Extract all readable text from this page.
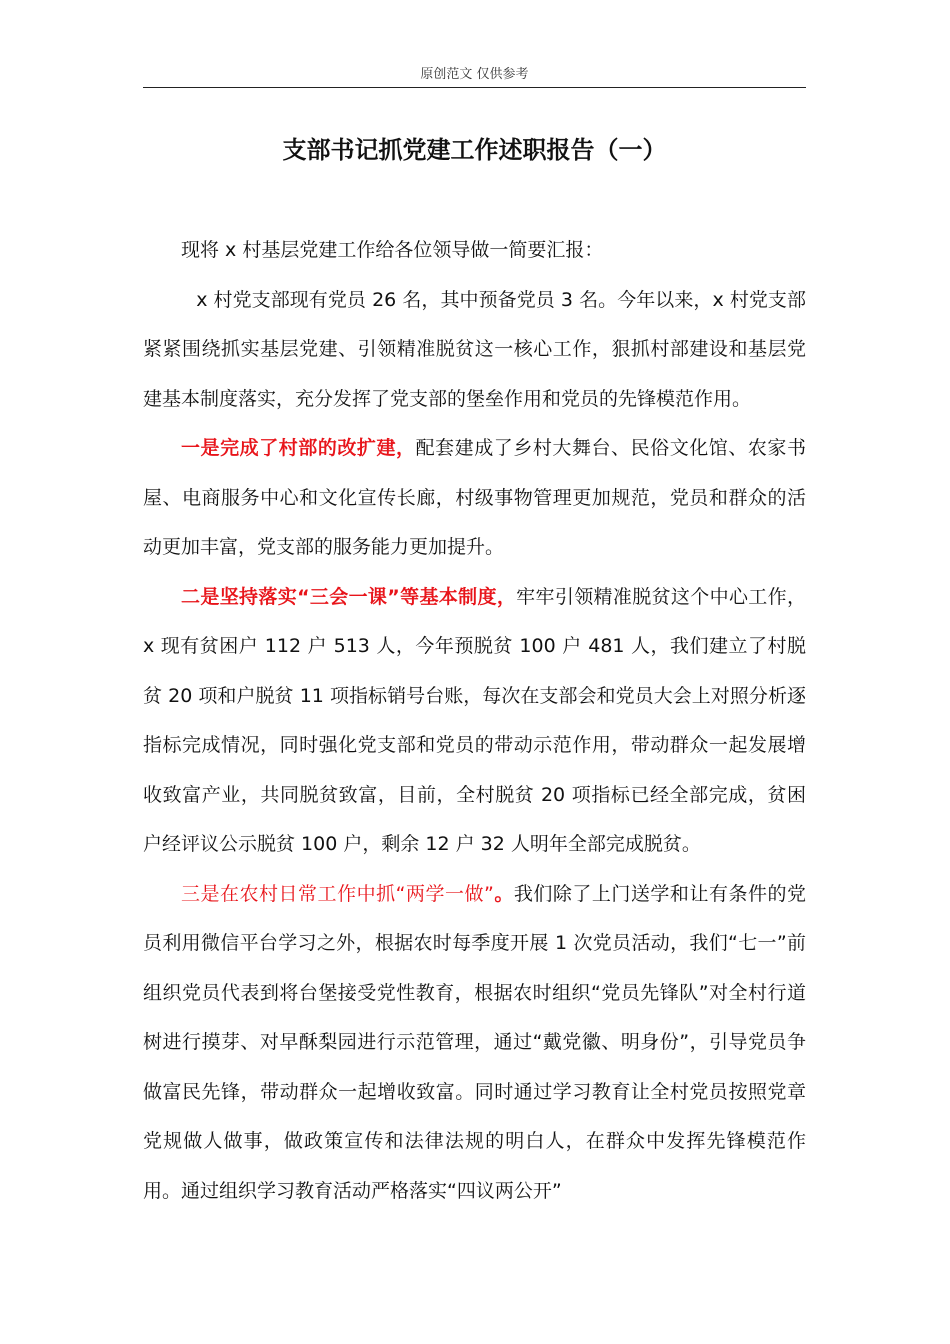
原创范文 仅供参考
支部书记抓党建工作述职报告（一）

现将 x 村基层党建工作给各位领导做一简要汇报：

x 村党支部现有党员 26 名，其中预备党员 3 名。今年以来，x 村党支部紧紧围绕抓实基层党建、引领精准脱贫这一核心工作，狠抓村部建设和基层党建基本制度落实，充分发挥了党支部的堡垒作用和党员的先锋模范作用。

一是完成了村部的改扩建，配套建成了乡村大舞台、民俗文化馆、农家书屋、电商服务中心和文化宣传长廊，村级事物管理更加规范，党员和群众的活动更加丰富，党支部的服务能力更加提升。

二是坚持落实“三会一课”等基本制度，牢牢引领精准脱贫这个中心工作，x 现有贫困户 112 户 513 人，今年预脱贫 100 户 481 人，我们建立了村脱贫 20 项和户脱贫 11 项指标销号台账，每次在支部会和党员大会上对照分析逐指标完成情况，同时强化党支部和党员的带动示范作用，带动群众一起发展增收致富产业，共同脱贫致富，目前，全村脱贫 20 项指标已经全部完成，贫困户经评议公示脱贫 100 户，剩余 12 户 32 人明年全部完成脱贫。

三是在农村日常工作中抓“两学一做”。我们除了上门送学和让有条件的党员利用微信平台学习之外，根据农时每季度开展 1 次党员活动，我们“七一”前组织党员代表到将台堡接受党性教育，根据农时组织“党员先锋队”对全村行道树进行摸芽、对早酥梨园进行示范管理，通过“戴党徽、明身份”，引导党员争做富民先锋，带动群众一起增收致富。同时通过学习教育让全村党员按照党章党规做人做事，做政策宣传和法律法规的明白人，在群众中发挥先锋模范作用。通过组织学习教育活动严格落实“四议两公开”
